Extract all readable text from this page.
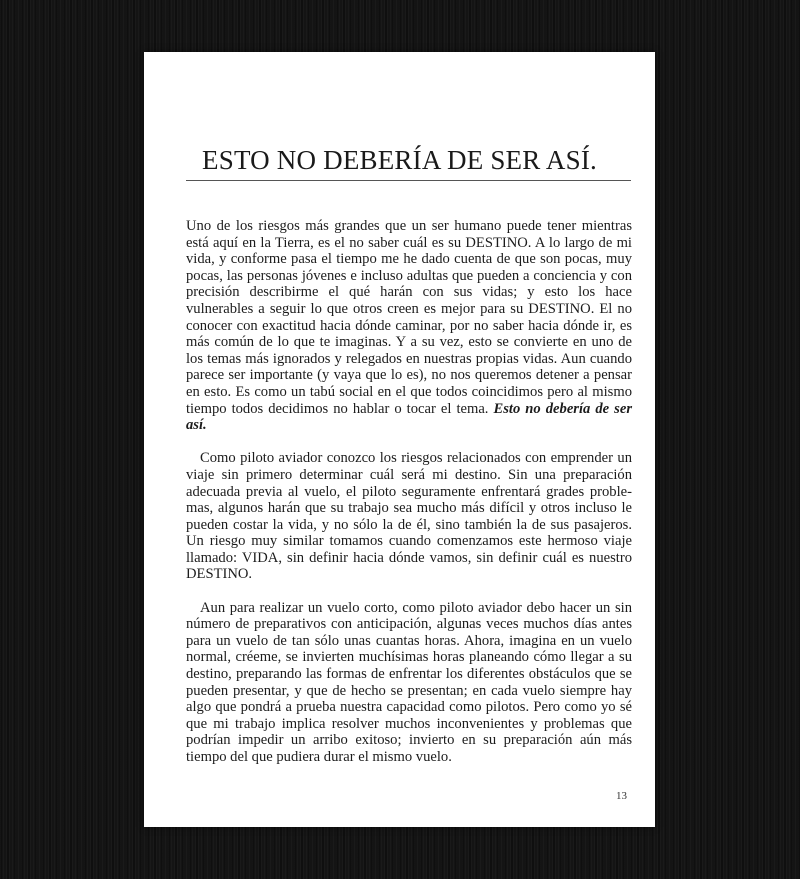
ESTO NO DEBERÍA DE SER ASÍ.

Uno de los riesgos más grandes que un ser humano puede tener mientras está aquí en la Tierra, es el no saber cuál es su DESTINO. A lo largo de mi vida, y conforme pasa el tiempo me he dado cuenta de que son pocas, muy pocas, las personas jóvenes e incluso adultas que pueden a conciencia y con precisión describirme el qué harán con sus vidas; y esto los hace vulnerables a seguir lo que otros creen es mejor para su DESTINO. El no conocer con exactitud hacia dónde caminar, por no saber hacia dónde ir, es más común de lo que te imaginas. Y a su vez, esto se convierte en uno de los temas más ignorados y relegados en nuestras propias vidas. Aun cuando parece ser importante (y vaya que lo es), no nos queremos detener a pensar en esto. Es como un tabú social en el que todos coincidimos pero al mismo tiempo todos decidimos no hablar o tocar el tema. Esto no debería de ser así.

Como piloto aviador conozco los riesgos relacionados con emprender un viaje sin primero determinar cuál será mi destino. Sin una preparación adecuada previa al vuelo, el piloto seguramente enfrentará grades problemas, algunos harán que su trabajo sea mucho más difícil y otros incluso le pueden costar la vida, y no sólo la de él, sino también la de sus pasajeros. Un riesgo muy similar tomamos cuando comenzamos este hermoso viaje llamado: VIDA, sin definir hacia dónde vamos, sin definir cuál es nuestro DESTINO.

Aun para realizar un vuelo corto, como piloto aviador debo hacer un sin número de preparativos con anticipación, algunas veces muchos días antes para un vuelo de tan sólo unas cuantas horas. Ahora, imagina en un vuelo normal, créeme, se invierten muchísimas horas planeando cómo llegar a su destino, preparando las formas de enfrentar los diferentes obstáculos que se pueden presentar, y que de hecho se presentan; en cada vuelo siempre hay algo que pondrá a prueba nuestra capacidad como pilotos. Pero como yo sé que mi trabajo implica resolver muchos inconvenientes y problemas que podrían impedir un arribo exitoso; invierto en su preparación aún más tiempo del que pudiera durar el mismo vuelo.

13
